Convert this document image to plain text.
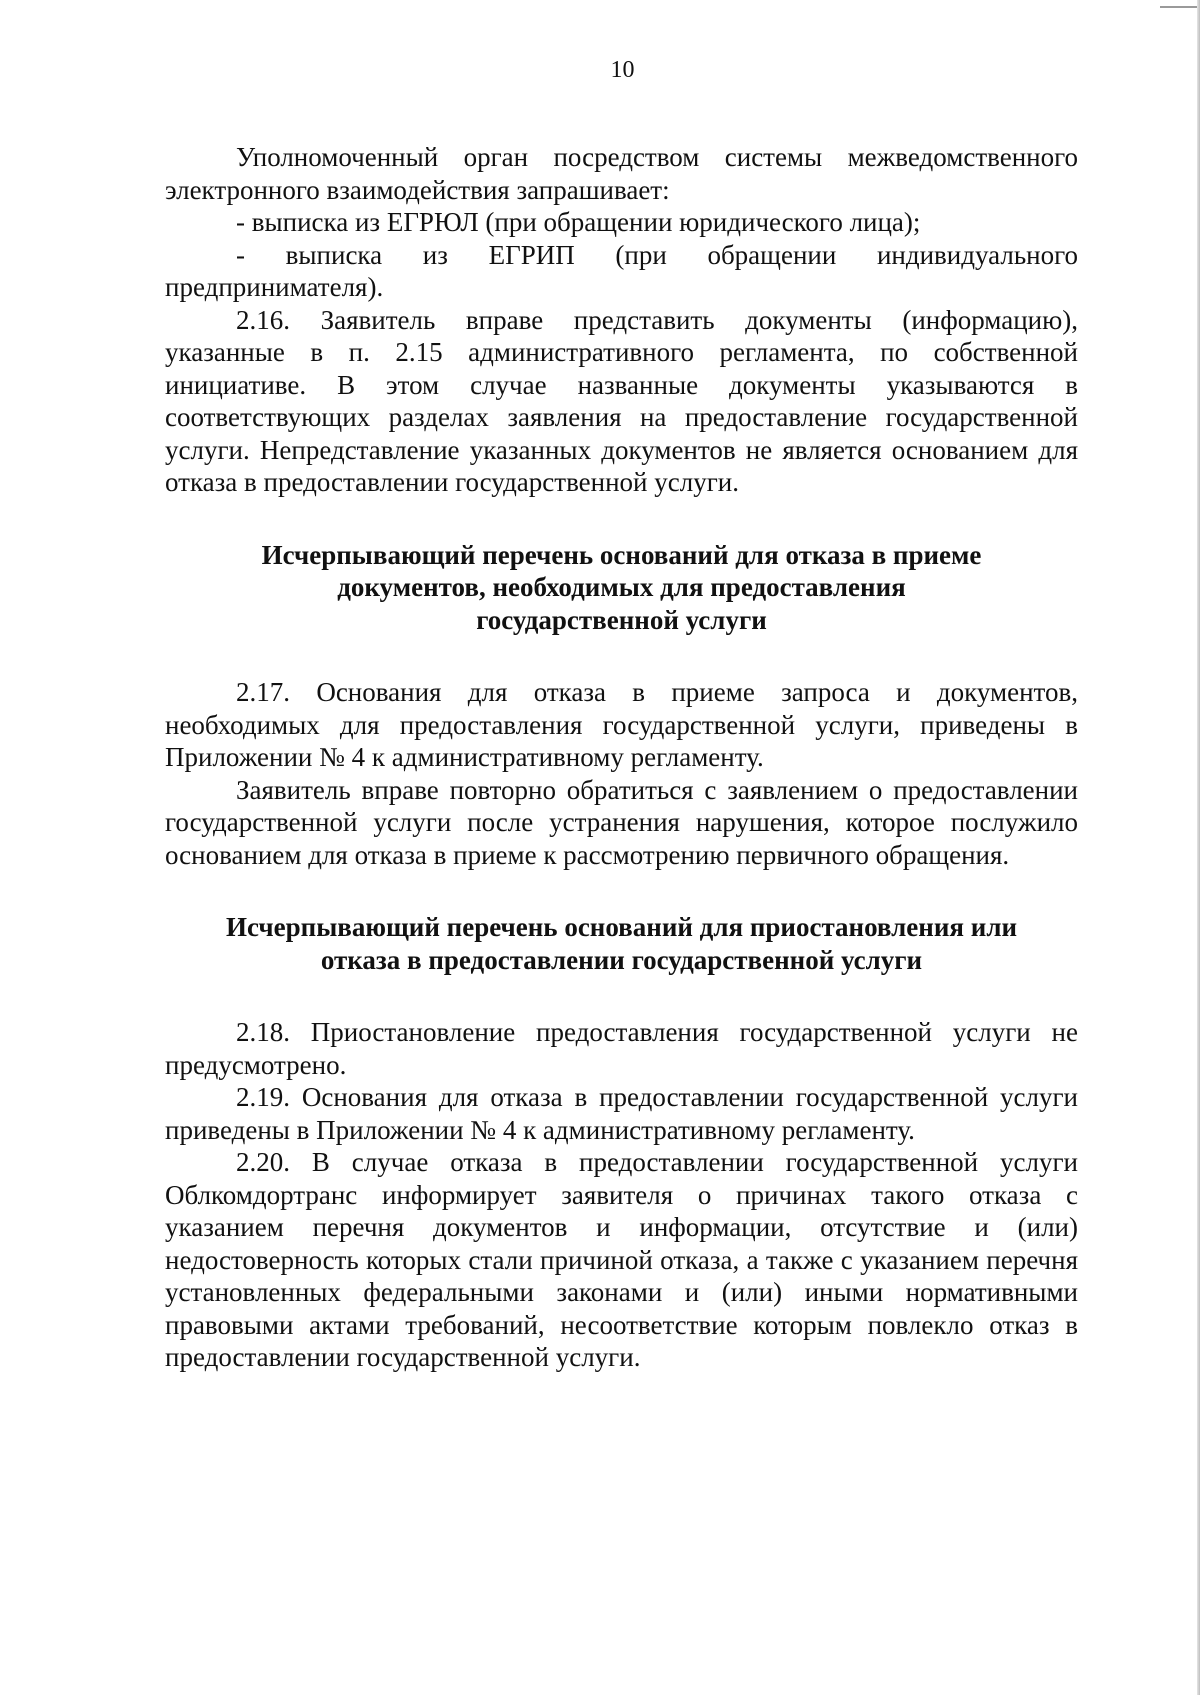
10

Уполномоченный орган посредством системы межведомственного электронного взаимодействия запрашивает:

- выписка из ЕГРЮЛ (при обращении юридического лица);

- выписка из ЕГРИП (при обращении индивидуального предпринимателя).

2.16. Заявитель вправе представить документы (информацию), указанные в п. 2.15 административного регламента, по собственной инициативе. В этом случае названные документы указываются в соответствующих разделах заявления на предоставление государственной услуги. Непредставление указанных документов не является основанием для отказа в предоставлении государственной услуги.

Исчерпывающий перечень оснований для отказа в приеме
документов, необходимых для предоставления
государственной услуги

2.17. Основания для отказа в приеме запроса и документов, необходимых для предоставления государственной услуги, приведены в Приложении № 4 к административному регламенту.

Заявитель вправе повторно обратиться с заявлением о предоставлении государственной услуги после устранения нарушения, которое послужило основанием для отказа в приеме к рассмотрению первичного обращения.

Исчерпывающий перечень оснований для приостановления или
отказа в предоставлении государственной услуги

2.18. Приостановление предоставления государственной услуги не предусмотрено.

2.19. Основания для отказа в предоставлении государственной услуги приведены в Приложении № 4 к административному регламенту.

2.20. В случае отказа в предоставлении государственной услуги Облкомдортранс информирует заявителя о причинах такого отказа с указанием перечня документов и информации, отсутствие и (или) недостоверность которых стали причиной отказа, а также с указанием перечня установленных федеральными законами и (или) иными нормативными правовыми актами требований, несоответствие которым повлекло отказ в предоставлении государственной услуги.
